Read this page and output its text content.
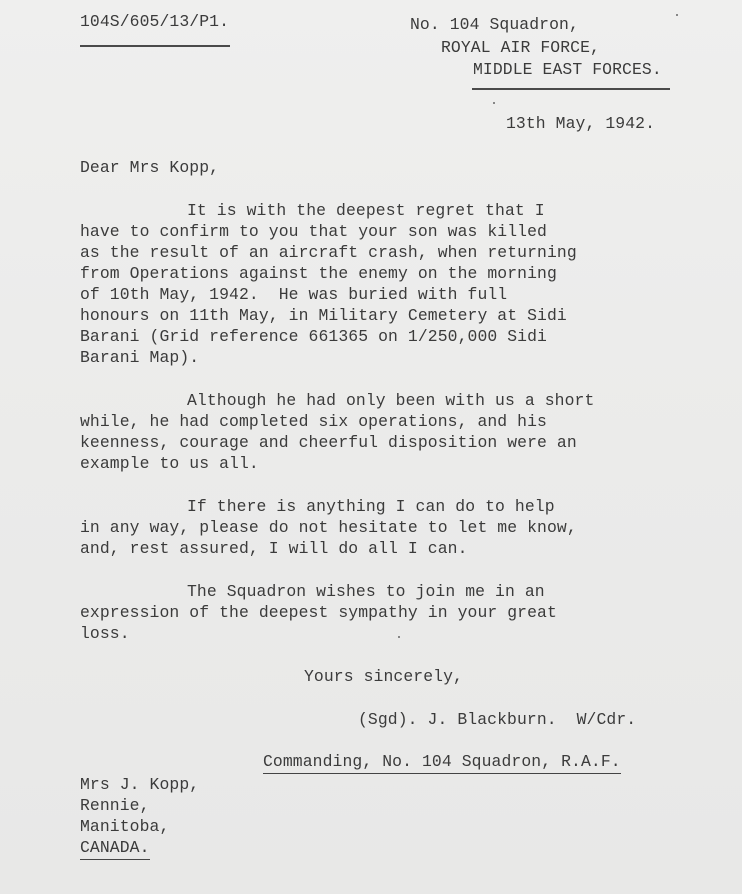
104S/605/13/P1.	No. 104 Squadron,
ROYAL AIR FORCE,
MIDDLE EAST FORCES.
13th May, 1942.
Dear Mrs Kopp,
It is with the deepest regret that I
have to confirm to you that your son was killed
as the result of an aircraft crash, when returning
from Operations against the enemy on the morning
of 10th May, 1942.  He was buried with full
honours on 11th May, in Military Cemetery at Sidi
Barani (Grid reference 661365 on 1/250,000 Sidi
Barani Map).
Although he had only been with us a short
while, he had completed six operations, and his
keenness, courage and cheerful disposition were an
example to us all.
If there is anything I can do to help
in any way, please do not hesitate to let me know,
and, rest assured, I will do all I can.
The Squadron wishes to join me in an
expression of the deepest sympathy in your great
loss.
Yours sincerely,
(Sgd). J. Blackburn.  W/Cdr.
Commanding, No. 104 Squadron, R.A.F.
Mrs J. Kopp,
Rennie,
Manitoba,
CANADA.
